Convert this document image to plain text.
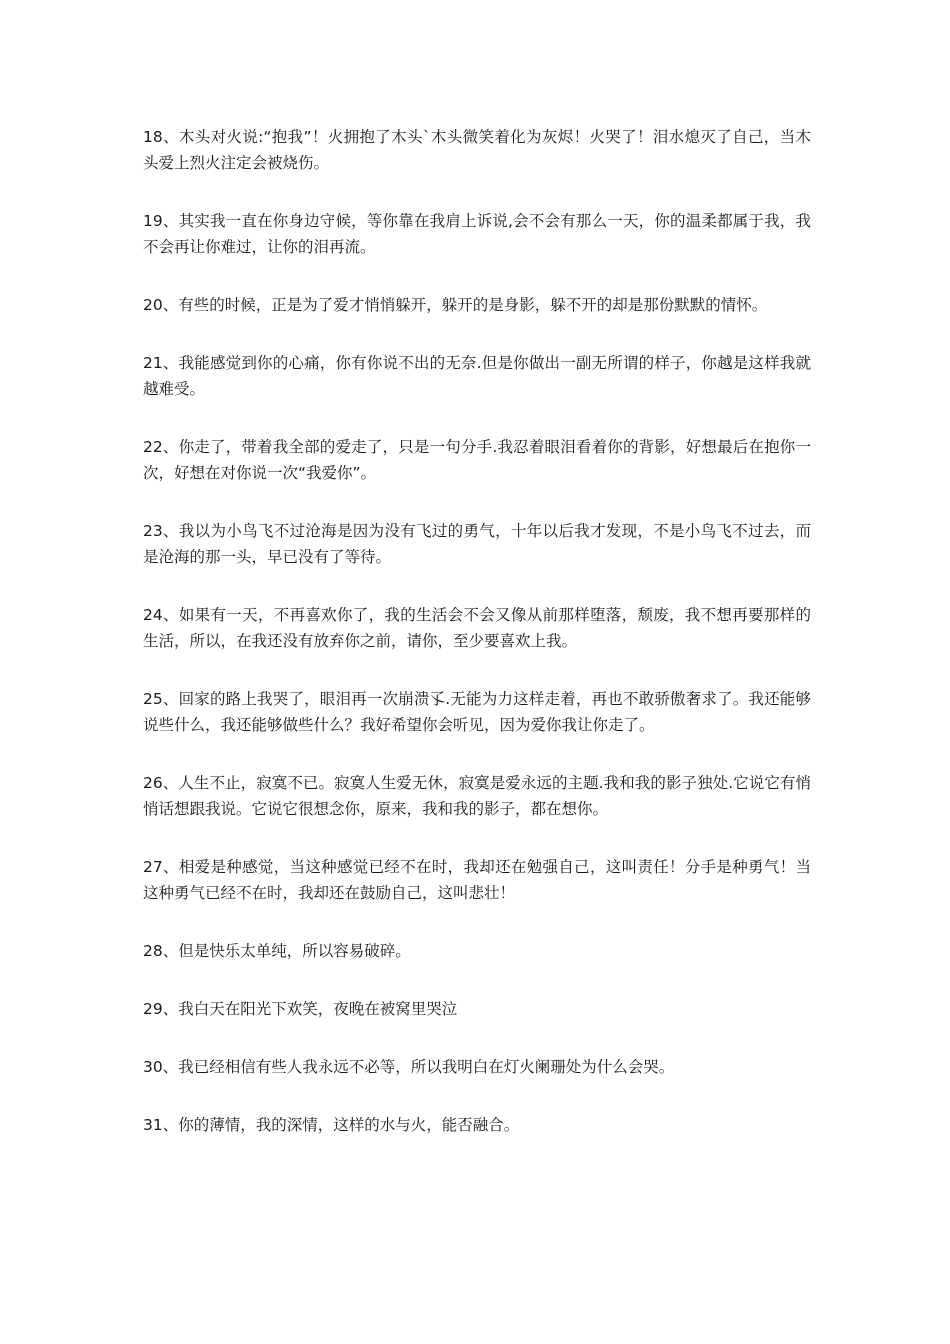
18、木头对火说:“抱我”！火拥抱了木头`木头微笑着化为灰烬！火哭了！泪水熄灭了自己，当木头爱上烈火注定会被烧伤。

19、其实我一直在你身边守候，等你靠在我肩上诉说,会不会有那么一天，你的温柔都属于我，我不会再让你难过，让你的泪再流。

20、有些的时候，正是为了爱才悄悄躲开，躲开的是身影，躲不开的却是那份默默的情怀。

21、我能感觉到你的心痛，你有你说不出的无奈.但是你做出一副无所谓的样子，你越是这样我就越难受。

22、你走了，带着我全部的爱走了，只是一句分手.我忍着眼泪看着你的背影，好想最后在抱你一次，好想在对你说一次“我爱你”。

23、我以为小鸟飞不过沧海是因为没有飞过的勇气，十年以后我才发现，不是小鸟飞不过去，而是沧海的那一头，早已没有了等待。

24、如果有一天，不再喜欢你了，我的生活会不会又像从前那样堕落，颓废，我不想再要那样的生活，所以，在我还没有放弃你之前，请你，至少要喜欢上我。

25、回家的路上我哭了，眼泪再一次崩溃孓.无能为力这样走着，再也不敢骄傲奢求了。我还能够说些什么，我还能够做些什么？我好希望你会听见，因为爱你我让你走了。

26、人生不止，寂寞不已。寂寞人生爱无休，寂寞是爱永远的主题.我和我的影子独处.它说它有悄悄话想跟我说。它说它很想念你，原来，我和我的影子，都在想你。

27、相爱是种感觉，当这种感觉已经不在时，我却还在勉强自己，这叫责任！分手是种勇气！当这种勇气已经不在时，我却还在鼓励自己，这叫悲壮！

28、但是快乐太单纯，所以容易破碎。

29、我白天在阳光下欢笑，夜晚在被窝里哭泣

30、我已经相信有些人我永远不必等，所以我明白在灯火阑珊处为什么会哭。

31、你的薄情，我的深情，这样的水与火，能否融合。
